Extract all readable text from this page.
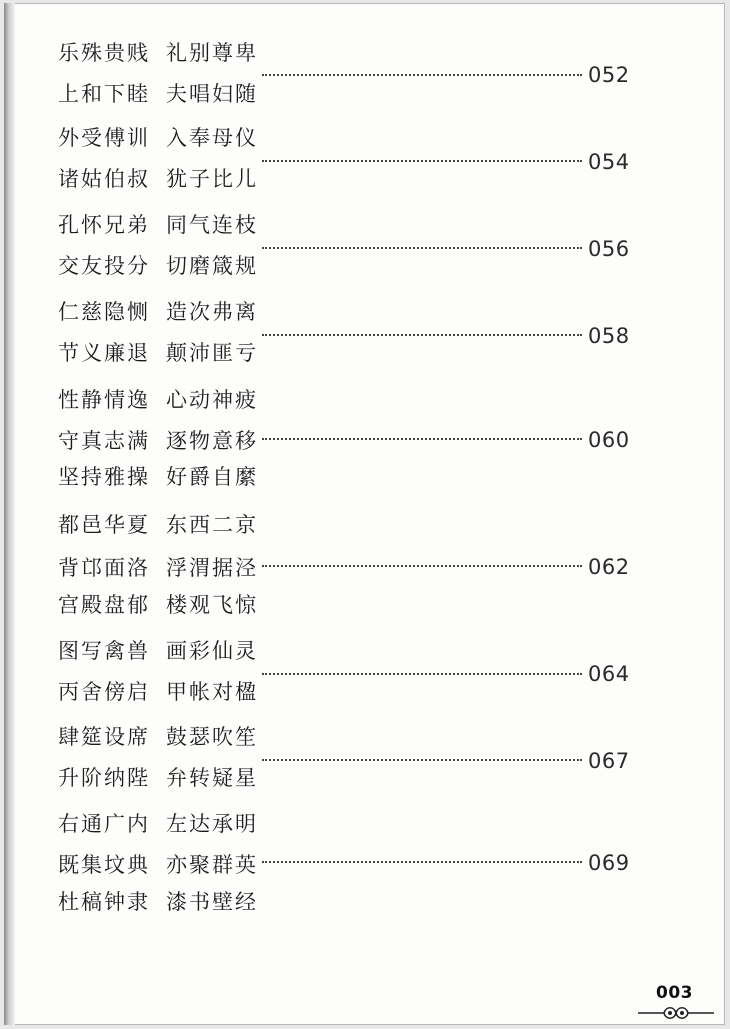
乐殊贵贱 礼别尊卑
上和下睦 夫唱妇随
052
外受傅训 入奉母仪
诸姑伯叔 犹子比儿
054
孔怀兄弟 同气连枝
交友投分 切磨箴规
056
仁慈隐恻 造次弗离
节义廉退 颠沛匪亏
058
性静情逸 心动神疲
守真志满 逐物意移
坚持雅操 好爵自縻
060
都邑华夏 东西二京
背邙面洛 浮渭据泾
宫殿盘郁 楼观飞惊
062
图写禽兽 画彩仙灵
丙舍傍启 甲帐对楹
064
肆筵设席 鼓瑟吹笙
升阶纳陛 弁转疑星
067
右通广内 左达承明
既集坟典 亦聚群英
杜稿钟隶 漆书壁经
069
003
